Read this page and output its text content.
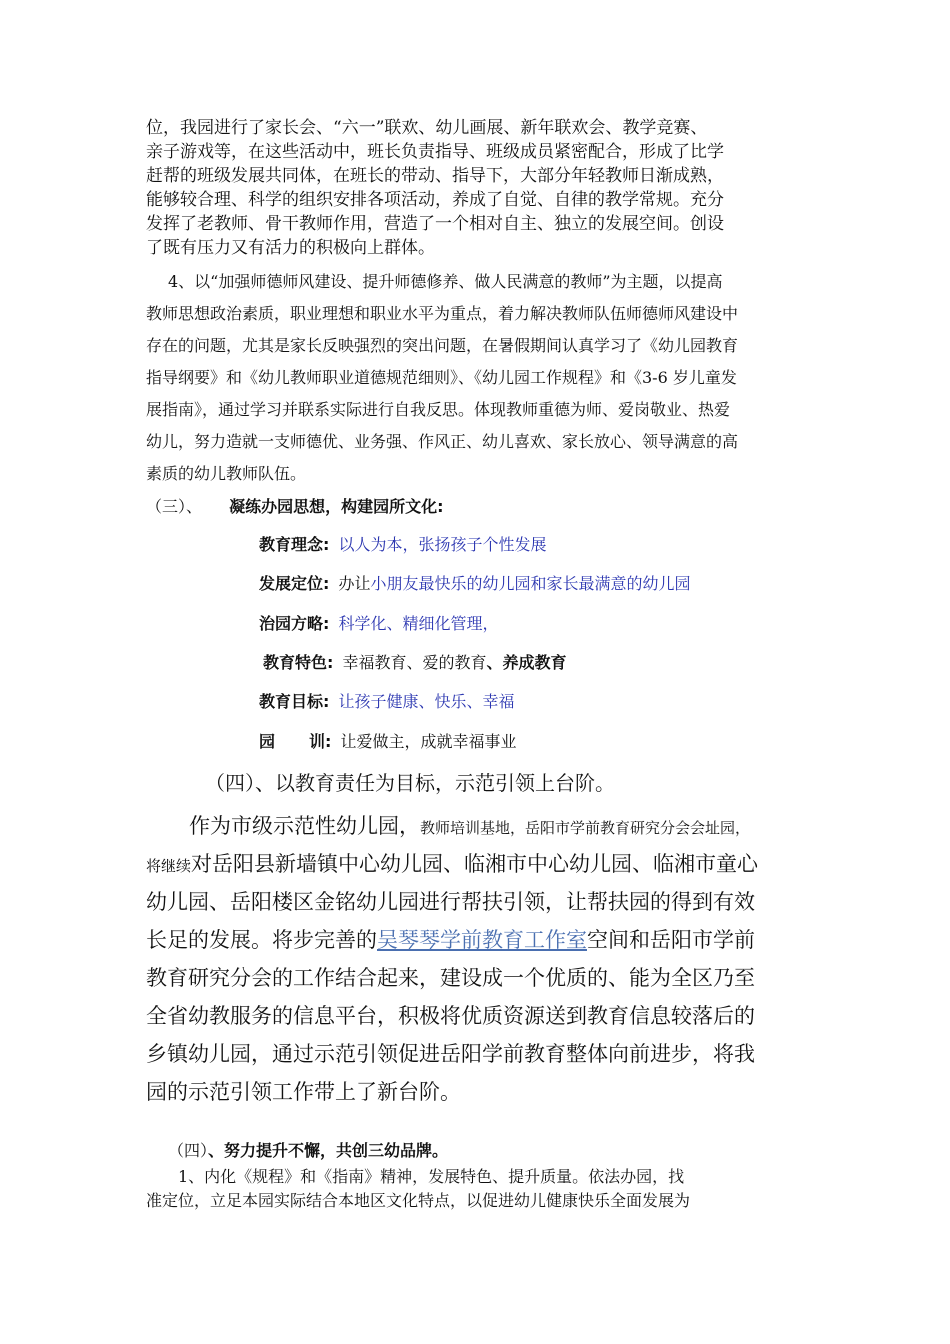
位，我园进行了家长会、“六一”联欢、幼儿画展、新年联欢会、教学竞赛、
亲子游戏等，在这些活动中，班长负责指导、班级成员紧密配合，形成了比学
赶帮的班级发展共同体，在班长的带动、指导下，大部分年轻教师日渐成熟，
能够较合理、科学的组织安排各项活动，养成了自觉、自律的教学常规。充分
发挥了老教师、骨干教师作用，营造了一个相对自主、独立的发展空间。创设
了既有压力又有活力的积极向上群体。
4、以“加强师德师风建设、提升师德修养、做人民满意的教师”为主题，以提高
教师思想政治素质，职业理想和职业水平为重点，着力解决教师队伍师德师风建设中
存在的问题，尤其是家长反映强烈的突出问题，在暑假期间认真学习了《幼儿园教育
指导纲要》和《幼儿教师职业道德规范细则》、《幼儿园工作规程》和《3-6 岁儿童发
展指南》，通过学习并联系实际进行自我反思。体现教师重德为师、爱岗敬业、热爱
幼儿，努力造就一支师德优、业务强、作风正、幼儿喜欢、家长放心、领导满意的高
素质的幼儿教师队伍。
（三）、 凝练办园思想，构建园所文化:
教育理念: 以人为本，张扬孩子个性发展
发展定位: 办让小朋友最快乐的幼儿园和家长最满意的幼儿园
治园方略: 科学化、精细化管理，
教育特色: 幸福教育、爱的教育、养成教育
教育目标: 让孩子健康、快乐、幸福
园 训: 让爱做主，成就幸福事业
（四）、以教育责任为目标，示范引领上台阶。
作为市级示范性幼儿园，教师培训基地，岳阳市学前教育研究分会会址园，
将继续对岳阳县新墙镇中心幼儿园、临湘市中心幼儿园、临湘市童心
幼儿园、岳阳楼区金铭幼儿园进行帮扶引领，让帮扶园的得到有效
长足的发展。将步完善的吴琴琴学前教育工作室空间和岳阳市学前
教育研究分会的工作结合起来，建设成一个优质的、能为全区乃至
全省幼教服务的信息平台，积极将优质资源送到教育信息较落后的
乡镇幼儿园，通过示范引领促进岳阳学前教育整体向前进步，将我
园的示范引领工作带上了新台阶。
（四）、努力提升不懈，共创三幼品牌。
1、内化《规程》和《指南》精神，发展特色、提升质量。依法办园，找
准定位，立足本园实际结合本地区文化特点，以促进幼儿健康快乐全面发展为
